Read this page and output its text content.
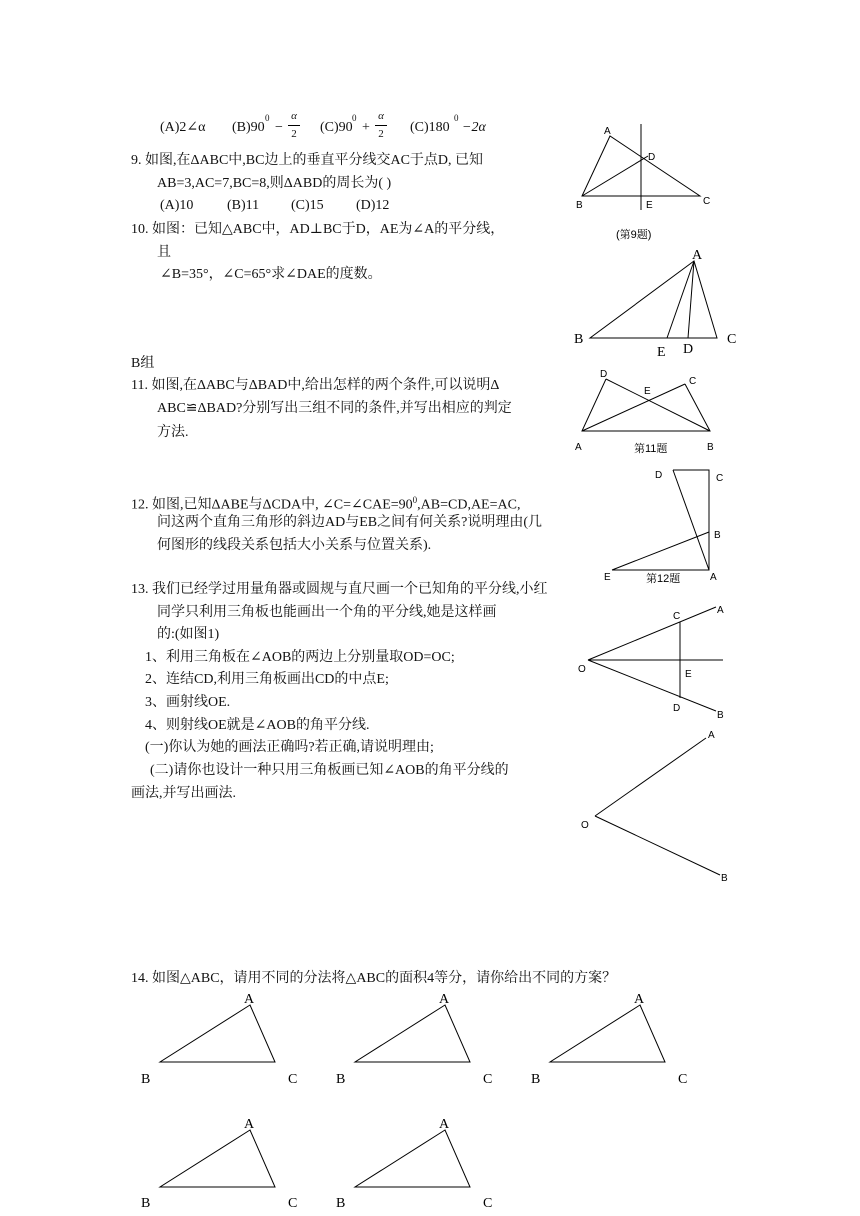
(A)2∠α (B)90
0
− $\frac{\alpha}{2} (C)90$
0
+ $\frac{\alpha}{2} (C)180$
0
−2α
9. 如图,在ΔABC中,BC边上的垂直平分线交AC于点D, 已知
AB=3,AC=7,BC=8,则ΔABD的周长为( )
(A)10 (B)11 (C)15 (D)12
A
D
B	E	C
(第9题)
10. 如图：已知△ABC中，AD⊥BC于D，AE为∠A的平分线，
且
∠B=35°，∠C=65°求∠DAE的度数。
A
B	C
E D
B组
11. 如图,在ΔABC与ΔBAD中,给出怎样的两个条件,可以说明Δ
ABC≌ΔBAD?分别写出三组不同的条件,并写出相应的判定
方法.
D
E
C
A	B
第11题
12. 如图,已知ΔABE与ΔCDA中, $\angle C=\angle CAE=90^0,AB=CD,AE=AC$,
问这两个直角三角形的斜边AD与EB之间有何关系?说明理由(几
何图形的线段关系包括大小关系与位置关系).
D	C
B
E	第12题	A
13. 我们已经学过用量角器或圆规与直尺画一个已知角的平分线,小红
同学只利用三角板也能画出一个角的平分线,她是这样画
的:(如图1)
1、利用三角板在∠AOB的两边上分别量取OD=OC;
2、连结CD,利用三角板画出CD的中点E;
3、画射线OE.
4、则射线OE就是∠AOB的角平分线.
(一)你认为她的画法正确吗?若正确,请说明理由;
(二)请你也设计一种只用三角板画已知∠AOB的角平分线的
画法,并写出画法.
O
A
C
E
D
B
A
O
B
14. 如图△ABC，请用不同的分法将△ABC的面积4等分，请你给出不同的方案？
A
B	C
A
B	C
A
B	C
A
B	C
A
B	C
